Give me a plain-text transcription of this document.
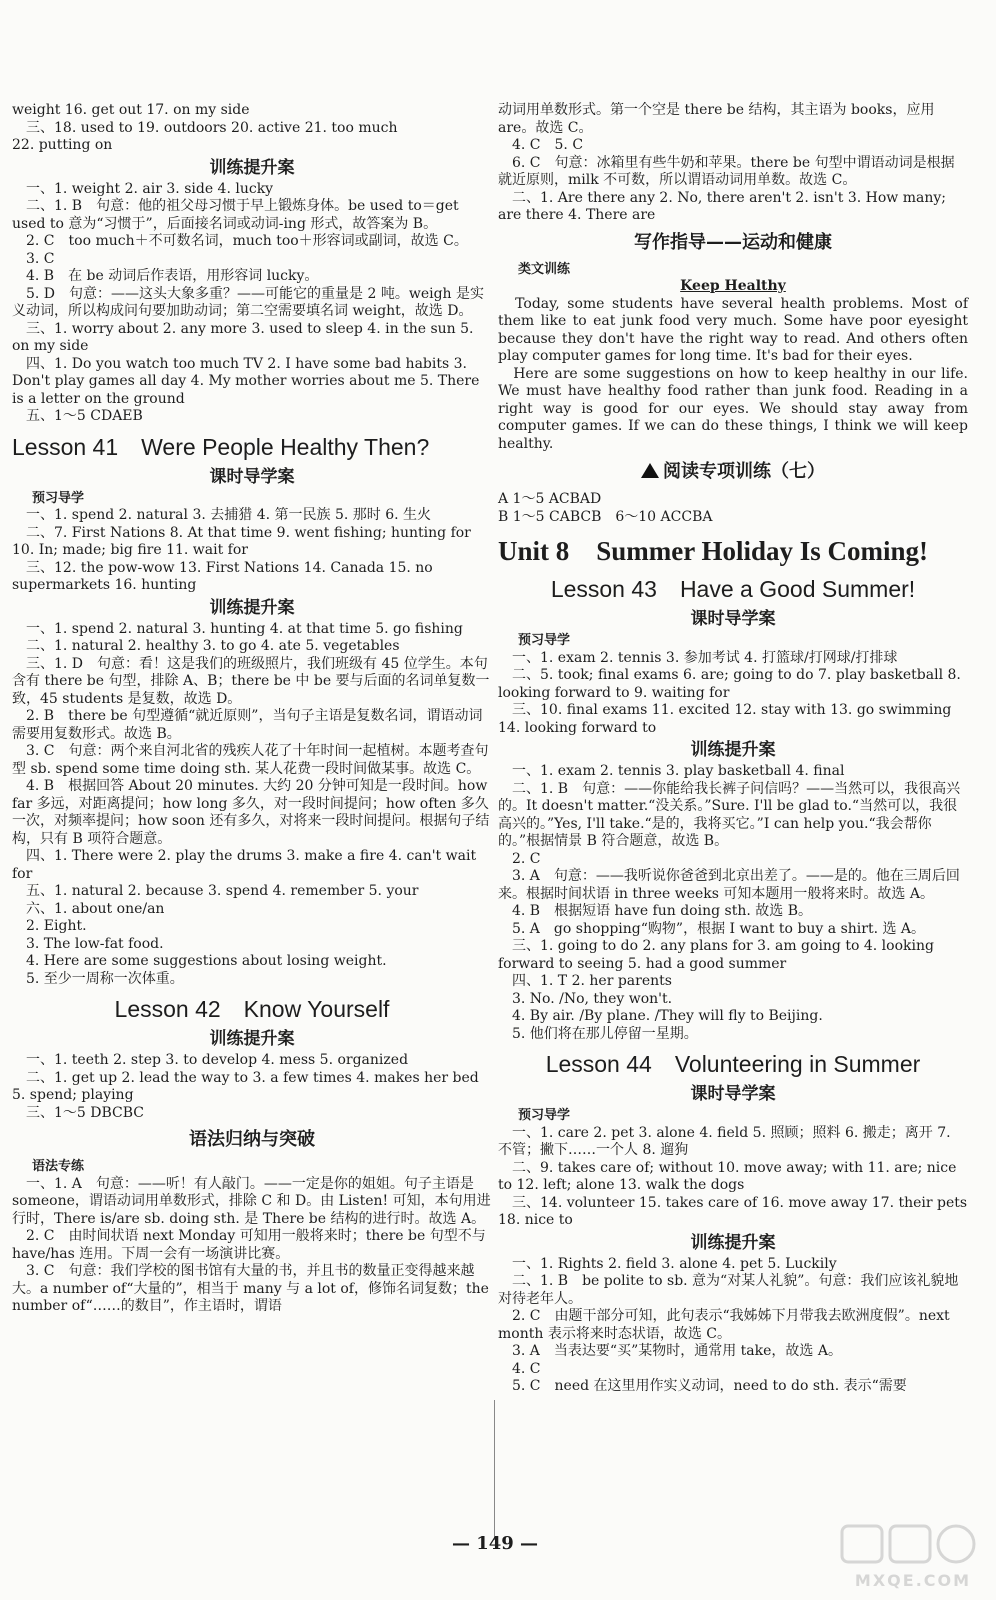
weight 16. get out 17. on my side
　三、18. used to 19. outdoors 20. active 21. too much
22. putting on
训练提升案
　一、1. weight 2. air 3. side 4. lucky
　二、1. B　句意：他的祖父母习惯于早上锻炼身体。be used to＝get used to 意为“习惯于”，后面接名词或动词-ing 形式，故答案为 B。
　2. C　too much＋不可数名词，much too＋形容词或副词，故选 C。
　3. C
　4. B　在 be 动词后作表语，用形容词 lucky。
　5. D　句意：——这头大象多重？——可能它的重量是 2 吨。weigh 是实义动词，所以构成问句要加助动词；第二空需要填名词 weight，故选 D。
　三、1. worry about 2. any more 3. used to sleep 4. in the sun 5. on my side
　四、1. Do you watch too much TV 2. I have some bad habits 3. Don't play games all day 4. My mother worries about me 5. There is a letter on the ground
　五、1～5 CDAEB
Lesson 41　Were People Healthy Then?
课时导学案
预习导学
　一、1. spend 2. natural 3. 去捕猎 4. 第一民族 5. 那时 6. 生火
　二、7. First Nations 8. At that time 9. went fishing; hunting for 10. In; made; big fire 11. wait for
　三、12. the pow-wow 13. First Nations 14. Canada 15. no supermarkets 16. hunting
训练提升案
　一、1. spend 2. natural 3. hunting 4. at that time 5. go fishing
　二、1. natural 2. healthy 3. to go 4. ate 5. vegetables
　三、1. D　句意：看！这是我们的班级照片，我们班级有 45 位学生。本句含有 there be 句型，排除 A、B；there be 中 be 要与后面的名词单复数一致，45 students 是复数，故选 D。
　2. B　there be 句型遵循“就近原则”，当句子主语是复数名词，谓语动词需要用复数形式。故选 B。
　3. C　句意：两个来自河北省的残疾人花了十年时间一起植树。本题考查句型 sb. spend some time doing sth. 某人花费一段时间做某事。故选 C。
　4. B　根据回答 About 20 minutes. 大约 20 分钟可知是一段时间。how far 多远，对距离提问；how long 多久，对一段时间提问；how often 多久一次，对频率提问；how soon 还有多久，对将来一段时间提问。根据句子结构，只有 B 项符合题意。
　四、1. There were 2. play the drums 3. make a fire 4. can't wait for
　五、1. natural 2. because 3. spend 4. remember 5. your
　六、1. about one/an
　2. Eight.
　3. The low-fat food.
　4. Here are some suggestions about losing weight.
　5. 至少一周称一次体重。
Lesson 42　Know Yourself
训练提升案
　一、1. teeth 2. step 3. to develop 4. mess 5. organized
　二、1. get up 2. lead the way to 3. a few times 4. makes her bed 5. spend; playing
　三、1～5 DBCBC
语法归纳与突破
语法专练
　一、1. A　句意：——听！有人敲门。——一定是你的姐姐。句子主语是 someone，谓语动词用单数形式，排除 C 和 D。由 Listen! 可知，本句用进行时，There is/are sb. doing sth. 是 There be 结构的进行时。故选 A。
　2. C　由时间状语 next Monday 可知用一般将来时；there be 句型不与 have/has 连用。下周一会有一场演讲比赛。
　3. C　句意：我们学校的图书馆有大量的书，并且书的数量正变得越来越大。a number of“大量的”，相当于 many 与 a lot of，修饰名词复数；the number of“……的数目”，作主语时，谓语
动词用单数形式。第一个空是 there be 结构，其主语为 books，应用 are。故选 C。
　4. C　5. C
　6. C　句意：冰箱里有些牛奶和苹果。there be 句型中谓语动词是根据就近原则，milk 不可数，所以谓语动词用单数。故选 C。
　二、1. Are there any 2. No, there aren't 2. isn't 3. How many; are there 4. There are
写作指导——运动和健康
类文训练
Keep Healthy
　Today, some students have several health problems. Most of them like to eat junk food very much. Some have poor eyesight because they don't have the right way to read. And others often play computer games for long time. It's bad for their eyes.
　Here are some suggestions on how to keep healthy in our life. We must have healthy food rather than junk food. Reading in a right way is good for our eyes. We should stay away from computer games. If we can do these things, I think we will keep healthy.
阅读专项训练（七）
A 1～5 ACBAD
B 1～5 CABCB　6～10 ACCBA
Unit 8　Summer Holiday Is Coming!
Lesson 43　Have a Good Summer!
课时导学案
预习导学
　一、1. exam 2. tennis 3. 参加考试 4. 打篮球/打网球/打排球
　二、5. took; final exams 6. are; going to do 7. play basketball 8. looking forward to 9. waiting for
　三、10. final exams 11. excited 12. stay with 13. go swimming 14. looking forward to
训练提升案
　一、1. exam 2. tennis 3. play basketball 4. final
　二、1. B　句意：——你能给我长裤子问信吗？——当然可以，我很高兴的。It doesn't matter.“没关系。”Sure. I'll be glad to.“当然可以，我很高兴的。”Yes, I'll take.“是的，我将买它。”I can help you.“我会帮你的。”根据情景 B 符合题意，故选 B。
　2. C
　3. A　句意：——我听说你爸爸到北京出差了。——是的。他在三周后回来。根据时间状语 in three weeks 可知本题用一般将来时。故选 A。
　4. B　根据短语 have fun doing sth. 故选 B。
　5. A　go shopping“购物”，根据 I want to buy a shirt. 选 A。
　三、1. going to do 2. any plans for 3. am going to 4. looking forward to seeing 5. had a good summer
　四、1. T 2. her parents
　3. No. /No, they won't.
　4. By air. /By plane. /They will fly to Beijing.
　5. 他们将在那儿停留一星期。
Lesson 44　Volunteering in Summer
课时导学案
预习导学
　一、1. care 2. pet 3. alone 4. field 5. 照顾；照料 6. 搬走；离开 7. 不管；撇下……一个人 8. 遛狗
　二、9. takes care of; without 10. move away; with 11. are; nice to 12. left; alone 13. walk the dogs
　三、14. volunteer 15. takes care of 16. move away 17. their pets 18. nice to
训练提升案
　一、1. Rights 2. field 3. alone 4. pet 5. Luckily
　二、1. B　be polite to sb. 意为“对某人礼貌”。句意：我们应该礼貌地对待老年人。
　2. C　由题干部分可知，此句表示“我姊姊下月带我去欧洲度假”。next month 表示将来时态状语，故选 C。
　3. A　当表达要“买”某物时，通常用 take，故选 A。
　4. C
　5. C　need 在这里用作实义动词，need to do sth. 表示“需要
— 149 —
MXQE.COM
